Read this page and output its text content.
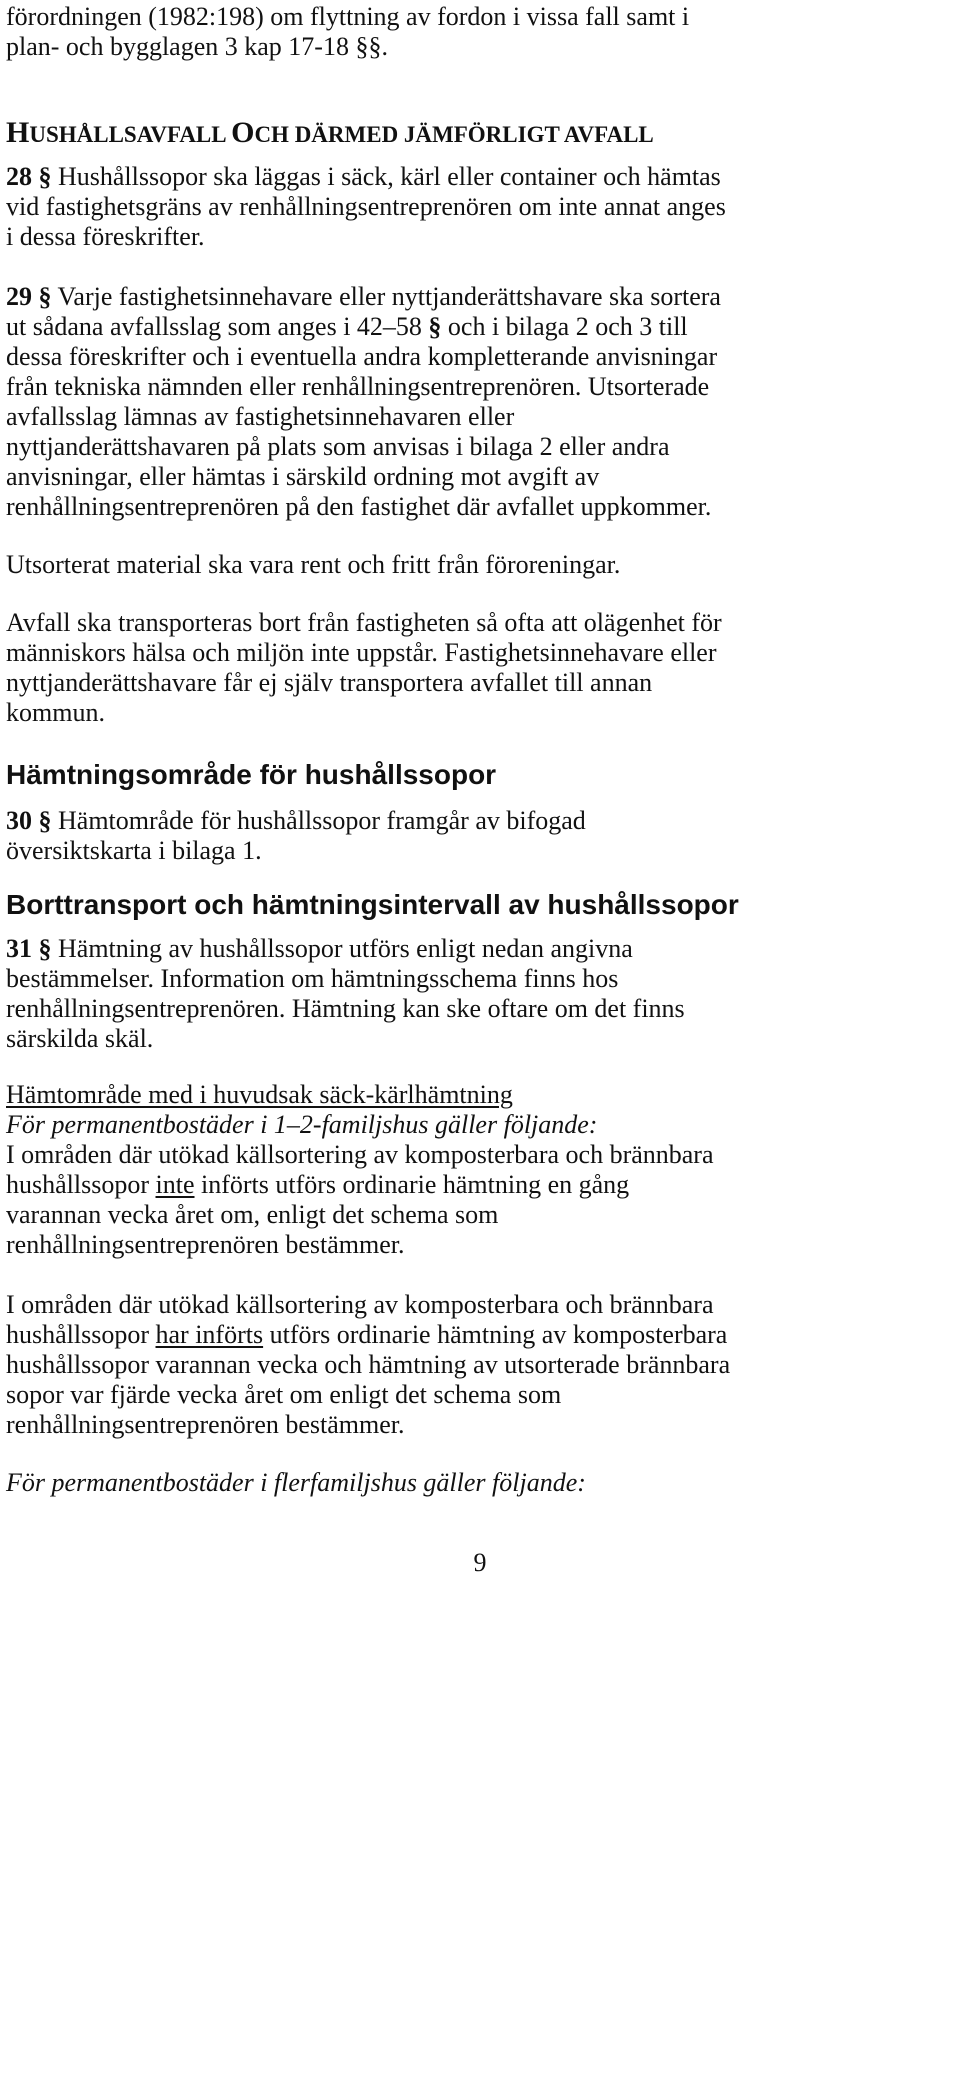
förordningen (1982:198) om flyttning av fordon i vissa fall samt i
plan- och bygglagen 3 kap 17-18 §§.
HUSHÅLLSAVFALL OCH DÄRMED JÄMFÖRLIGT AVFALL
28 § Hushållssopor ska läggas i säck, kärl eller container och hämtas
vid fastighetsgräns av renhållningsentreprenören om inte annat anges
i dessa föreskrifter.
29 § Varje fastighetsinnehavare eller nyttjanderättshavare ska sortera
ut sådana avfallsslag som anges i 42–58 § och i bilaga 2 och 3 till
dessa föreskrifter och i eventuella andra kompletterande anvisningar
från tekniska nämnden eller renhållningsentreprenören. Utsorterade
avfallsslag lämnas av fastighetsinnehavaren eller
nyttjanderättshavaren på plats som anvisas i bilaga 2 eller andra
anvisningar, eller hämtas i särskild ordning mot avgift av
renhållningsentreprenören på den fastighet där avfallet uppkommer.
Utsorterat material ska vara rent och fritt från föroreningar.
Avfall ska transporteras bort från fastigheten så ofta att olägenhet för
människors hälsa och miljön inte uppstår. Fastighetsinnehavare eller
nyttjanderättshavare får ej själv transportera avfallet till annan
kommun.
Hämtningsområde för hushållssopor
30 § Hämtområde för hushållssopor framgår av bifogad
översiktskarta i bilaga 1.
Borttransport och hämtningsintervall av hushållssopor
31 § Hämtning av hushållssopor utförs enligt nedan angivna
bestämmelser. Information om hämtningsschema finns hos
renhållningsentreprenören. Hämtning kan ske oftare om det finns
särskilda skäl.
Hämtområde med i huvudsak säck-kärlhämtning
För permanentbostäder i 1–2-familjshus gäller följande:
I områden där utökad källsortering av komposterbara och brännbara
hushållssopor inte införts utförs ordinarie hämtning en gång
varannan vecka året om, enligt det schema som
renhållningsentreprenören bestämmer.
I områden där utökad källsortering av komposterbara och brännbara
hushållssopor har införts utförs ordinarie hämtning av komposterbara
hushållssopor varannan vecka och hämtning av utsorterade brännbara
sopor var fjärde vecka året om enligt det schema som
renhållningsentreprenören bestämmer.
För permanentbostäder i flerfamiljshus gäller följande:
9
